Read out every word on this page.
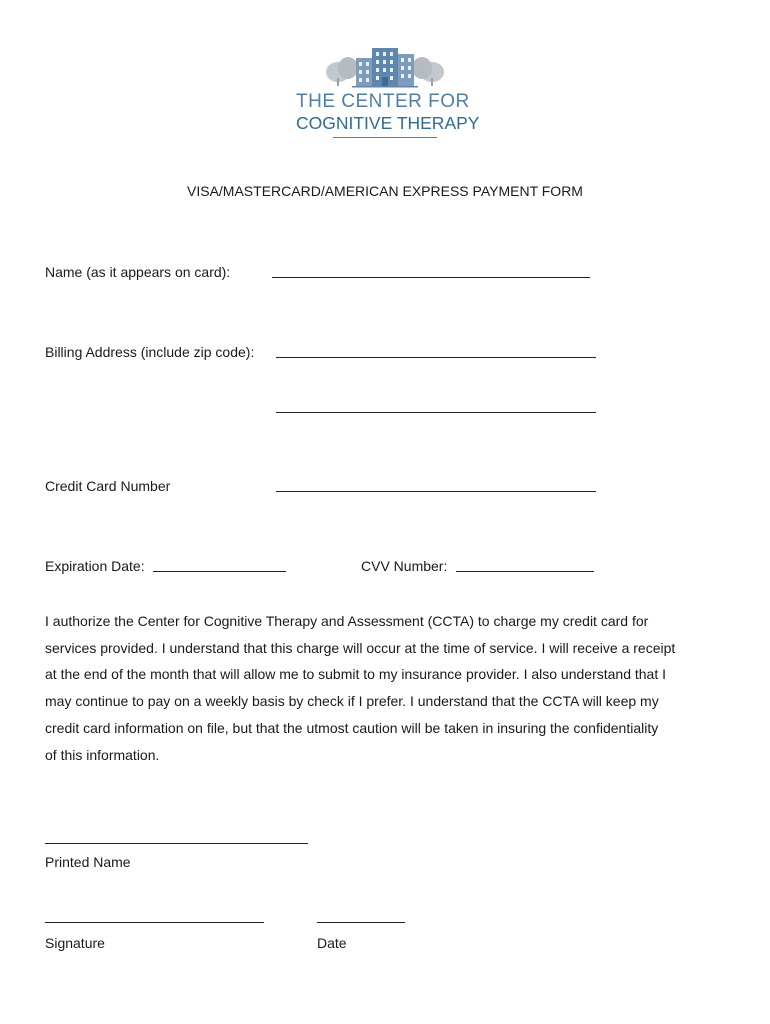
THE CENTER FOR
COGNITIVE THERAPY
VISA/MASTERCARD/AMERICAN EXPRESS PAYMENT FORM
Name (as it appears on card):
Billing Address (include zip code):
Credit Card Number
Expiration Date:	CVV Number:
I authorize the Center for Cognitive Therapy and Assessment (CCTA) to charge my credit card for
services provided. I understand that this charge will occur at the time of service. I will receive a receipt
at the end of the month that will allow me to submit to my insurance provider. I also understand that I
may continue to pay on a weekly basis by check if I prefer. I understand that the CCTA will keep my
credit card information on file, but that the utmost caution will be taken in insuring the confidentiality
of this information.
Printed Name
Signature	Date
